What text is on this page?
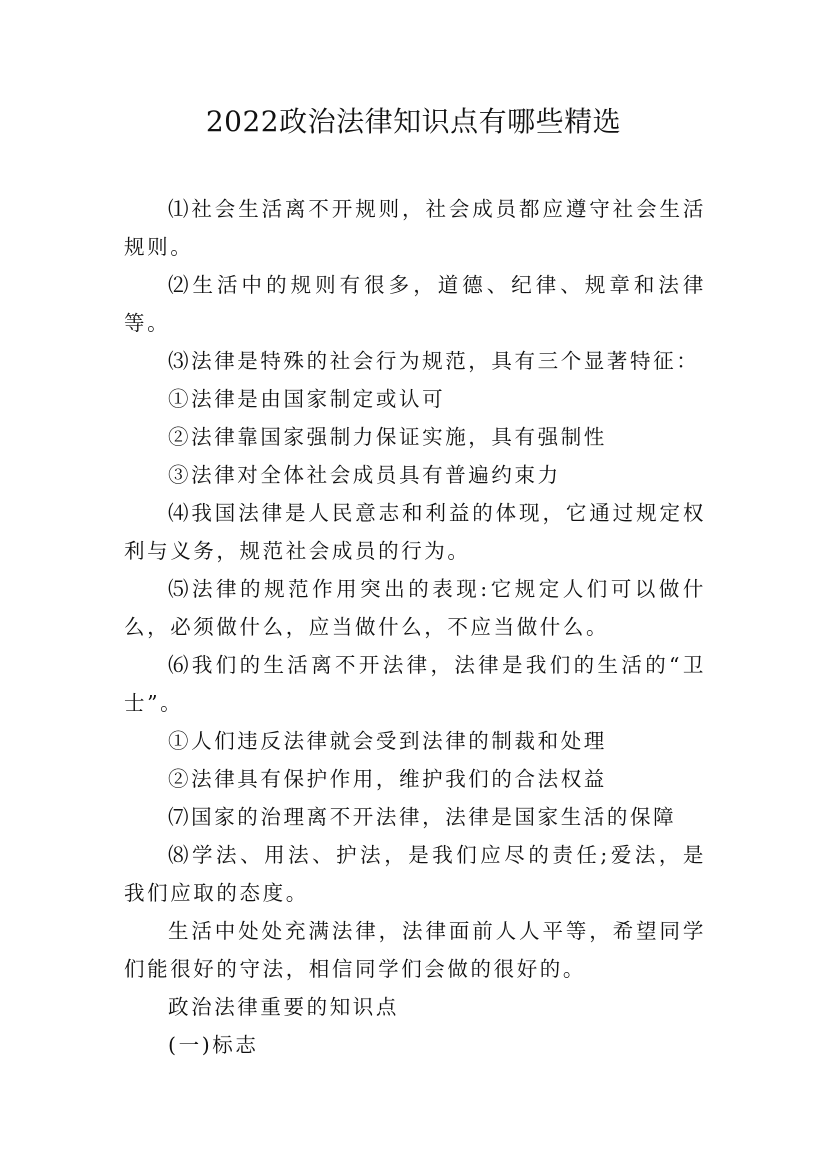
2022政治法律知识点有哪些精选

⑴社会生活离不开规则，社会成员都应遵守社会生活规则。

⑵生活中的规则有很多，道德、纪律、规章和法律等。

⑶法律是特殊的社会行为规范，具有三个显著特征：

①法律是由国家制定或认可

②法律靠国家强制力保证实施，具有强制性

③法律对全体社会成员具有普遍约束力

⑷我国法律是人民意志和利益的体现，它通过规定权利与义务，规范社会成员的行为。

⑸法律的规范作用突出的表现:它规定人们可以做什么，必须做什么，应当做什么，不应当做什么。

⑹我们的生活离不开法律，法律是我们的生活的“卫士”。

①人们违反法律就会受到法律的制裁和处理

②法律具有保护作用，维护我们的合法权益

⑺国家的治理离不开法律，法律是国家生活的保障

⑻学法、用法、护法，是我们应尽的责任;爱法，是我们应取的态度。

生活中处处充满法律，法律面前人人平等，希望同学们能很好的守法，相信同学们会做的很好的。

政治法律重要的知识点

(一)标志
